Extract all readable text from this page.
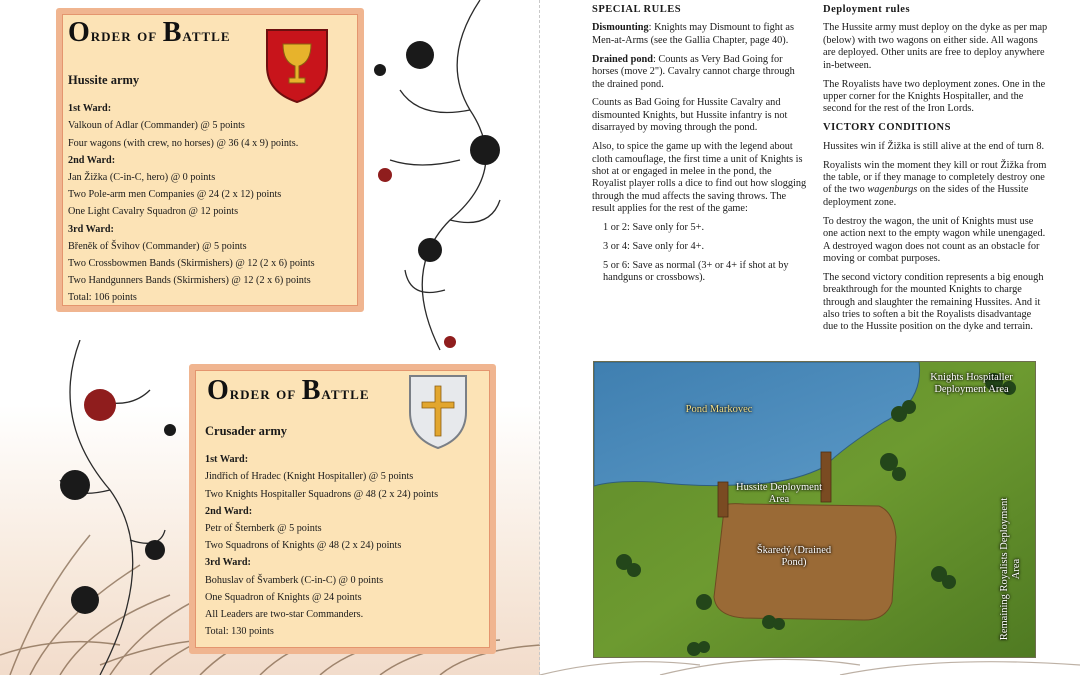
Order of Battle

Hussite army

1st Ward:

Valkoun of Adlar (Commander) @ 5 points

Four wagons (with crew, no horses) @ 36 (4 x 9) points.

2nd Ward:

Jan Žižka (C-in-C, hero) @ 0 points

Two Pole-arm men Companies @ 24 (2 x 12) points

One Light Cavalry Squadron @ 12 points

3rd Ward:

Břeněk of Švihov (Commander) @ 5 points

Two Crossbowmen Bands (Skirmishers) @ 12 (2 x 6) points

Two Handgunners Bands (Skirmishers) @ 12 (2 x 6) points

Total: 106 points

Order of Battle

Crusader army

1st Ward:

Jindřich of Hradec (Knight Hospitaller) @ 5 points

Two Knights Hospitaller Squadrons @ 48 (2 x 24) points

2nd Ward:

Petr of Šternberk @ 5 points

Two Squadrons of Knights @ 48 (2 x 24) points

3rd Ward:

Bohuslav of Švamberk (C-in-C) @ 0 points

One Squadron of Knights @ 24 points

All Leaders are two-star Commanders.

Total: 130 points

SPECIAL RULES

Dismounting: Knights may Dismount to fight as Men-at-Arms (see the Gallia Chapter, page 40).

Drained pond: Counts as Very Bad Going for horses (move 2"). Cavalry cannot charge through the drained pond.

Counts as Bad Going for Hussite Cavalry and dismounted Knights, but Hussite infantry is not disarrayed by moving through the pond.

Also, to spice the game up with the legend about cloth camouflage, the first time a unit of Knights is shot at or engaged in melee in the pond, the Royalist player rolls a dice to find out how slogging through the mud affects the saving throws. The result applies for the rest of the game:

1 or 2: Save only for 5+.

3 or 4: Save only for 4+.

5 or 6: Save as normal (3+ or 4+ if shot at by handguns or crossbows).

Deployment rules

The Hussite army must deploy on the dyke as per map (below) with two wagons on either side. All wagons are deployed. Other units are free to deploy anywhere in-between.

The Royalists have two deployment zones. One in the upper corner for the Knights Hospitaller, and the second for the rest of the Iron Lords.

VICTORY CONDITIONS

Hussites win if Žižka is still alive at the end of turn 8.

Royalists win the moment they kill or rout Žižka from the table, or if they manage to completely destroy one of the two wagenburgs on the sides of the Hussite deployment zone.

To destroy the wagon, the unit of Knights must use one action next to the empty wagon while unengaged. A destroyed wagon does not count as an obstacle for moving or combat purposes.

The second victory condition represents a big enough breakthrough for the mounted Knights to charge through and slaughter the remaining Hussites. And it also tries to soften a bit the Royalists disadvantage due to the Hussite position on the dyke and terrain.

Pond Markovec
Knights Hospitaller Deployment Area
Hussite Deployment Area
Škaredý (Drained Pond)	Remaining Royalists Deployment Area
